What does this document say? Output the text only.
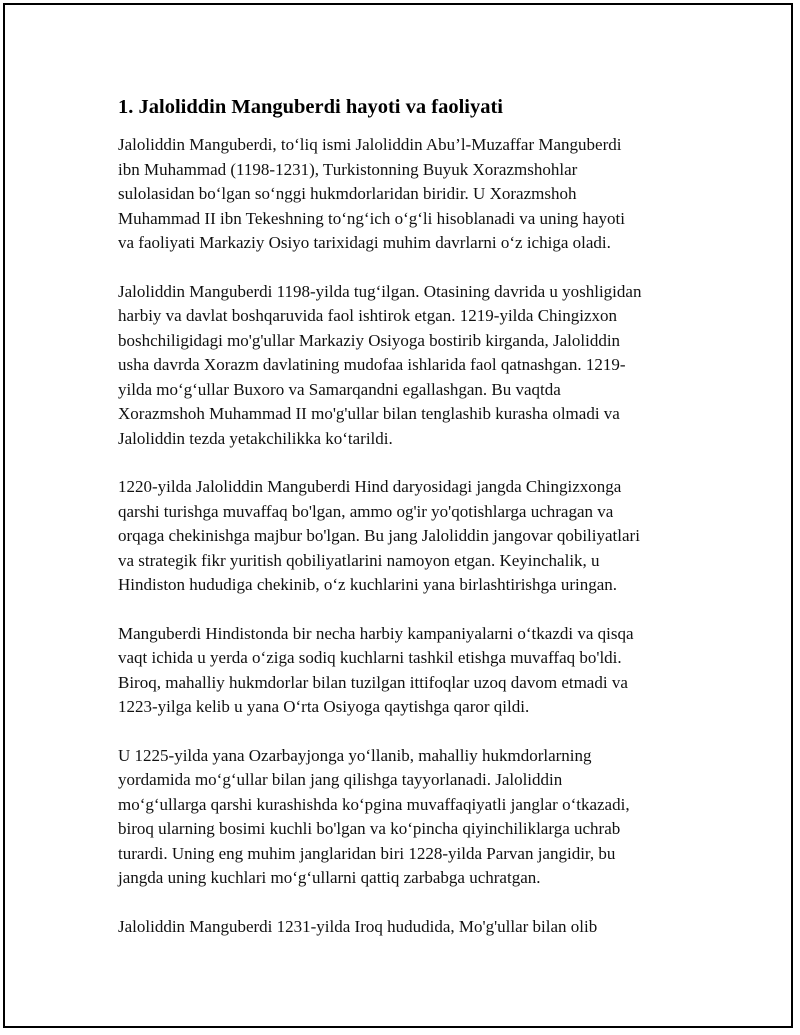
1. Jaloliddin Manguberdi hayoti va faoliyati

Jaloliddin Manguberdi, to‘liq ismi Jaloliddin Abu’l-Muzaffar Manguberdi
ibn Muhammad (1198-1231), Turkistonning Buyuk Xorazmshohlar
sulolasidan bo‘lgan so‘nggi hukmdorlaridan biridir. U Xorazmshoh
Muhammad II ibn Tekeshning to‘ng‘ich o‘g‘li hisoblanadi va uning hayoti
va faoliyati Markaziy Osiyo tarixidagi muhim davrlarni o‘z ichiga oladi.

Jaloliddin Manguberdi 1198-yilda tug‘ilgan. Otasining davrida u yoshligidan
harbiy va davlat boshqaruvida faol ishtirok etgan. 1219-yilda Chingizxon
boshchiligidagi mo'g'ullar Markaziy Osiyoga bostirib kirganda, Jaloliddin
usha davrda Xorazm davlatining mudofaa ishlarida faol qatnashgan. 1219-
yilda mo‘g‘ullar Buxoro va Samarqandni egallashgan. Bu vaqtda
Xorazmshoh Muhammad II mo'g'ullar bilan tenglashib kurasha olmadi va
Jaloliddin tezda yetakchilikka ko‘tarildi.

1220-yilda Jaloliddin Manguberdi Hind daryosidagi jangda Chingizxonga
qarshi turishga muvaffaq bo'lgan, ammo og'ir yo'qotishlarga uchragan va
orqaga chekinishga majbur bo'lgan. Bu jang Jaloliddin jangovar qobiliyatlari
va strategik fikr yuritish qobiliyatlarini namoyon etgan. Keyinchalik, u
Hindiston hududiga chekinib, o‘z kuchlarini yana birlashtirishga uringan.

Manguberdi Hindistonda bir necha harbiy kampaniyalarni o‘tkazdi va qisqa
vaqt ichida u yerda o‘ziga sodiq kuchlarni tashkil etishga muvaffaq bo'ldi.
Biroq, mahalliy hukmdorlar bilan tuzilgan ittifoqlar uzoq davom etmadi va
1223-yilga kelib u yana O‘rta Osiyoga qaytishga qaror qildi.

U 1225-yilda yana Ozarbayjonga yo‘llanib, mahalliy hukmdorlarning
yordamida mo‘g‘ullar bilan jang qilishga tayyorlanadi. Jaloliddin
mo‘g‘ullarga qarshi kurashishda ko‘pgina muvaffaqiyatli janglar o‘tkazadi,
biroq ularning bosimi kuchli bo'lgan va ko‘pincha qiyinchiliklarga uchrab
turardi. Uning eng muhim janglaridan biri 1228-yilda Parvan jangidir, bu
jangda uning kuchlari mo‘g‘ullarni qattiq zarbabga uchratgan.

Jaloliddin Manguberdi 1231-yilda Iroq hududida, Mo'g'ullar bilan olib
